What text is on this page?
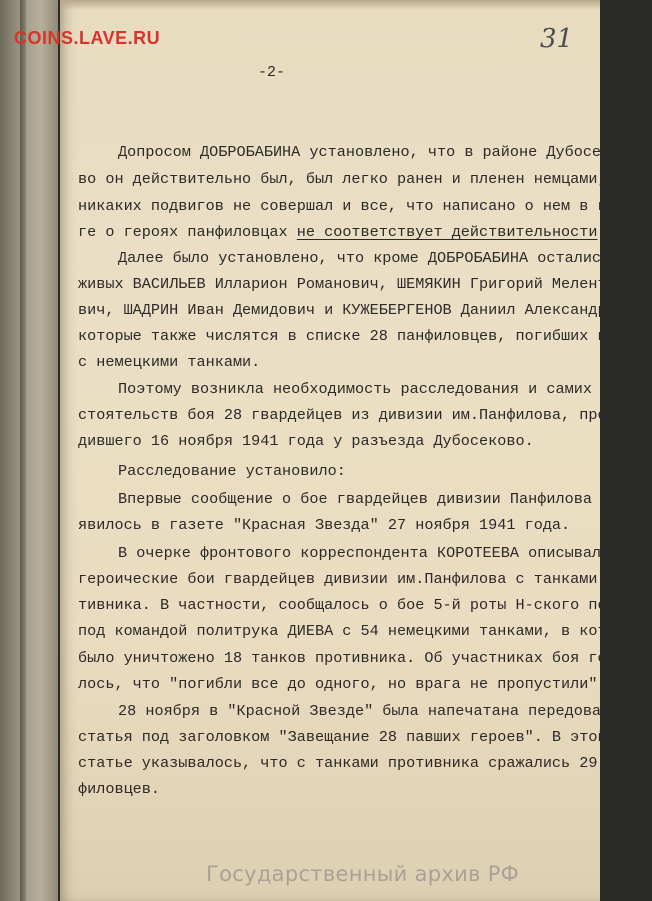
COINS.LAVE.RU	31
-2-
Допросом ДОБРОБАБИНА установлено, что в районе Дубосеко-
во он действительно был, был легко ранен и пленен немцами, но
никаких подвигов не совершал и все, что написано о нем в кни-
ге о героях панфиловцах не соответствует действительности.
Далее было установлено, что кроме ДОБРОБАБИНА остались в
живых ВАСИЛЬЕВ Илларион Романович, ШЕМЯКИН Григорий Мелентье-
вич, ШАДРИН Иван Демидович и КУЖЕБЕРГЕНОВ Даниил Александрович,
которые также числятся в списке 28 панфиловцев, погибших в бою
с немецкими танками.
Поэтому возникла необходимость расследования и самих об-
стоятельств боя 28 гвардейцев из дивизии им.Панфилова, происхо-
дившего 16 ноября 1941 года у разъезда Дубосеково.
Расследование установило:
Впервые сообщение о бое гвардейцев дивизии Панфилова по-
явилось в газете "Красная Звезда" 27 ноября 1941 года.
В очерке фронтового корреспондента КОРОТЕЕВА описывались
героические бои гвардейцев дивизии им.Панфилова с танками про-
тивника. В частности, сообщалось о бое 5-й роты Н-ского полка
под командой политрука ДИЕВА с 54 немецкими танками, в котором
было уничтожено 18 танков противника. Об участниках боя говори-
лось, что "погибли все до одного, но врага не пропустили".
28 ноября в "Красной Звезде" была напечатана передовая
статья под заголовком "Завещание 28 павших героев". В этой
статье указывалось, что с танками противника сражались 29 пан-
филовцев.
Государственный архив РФ
